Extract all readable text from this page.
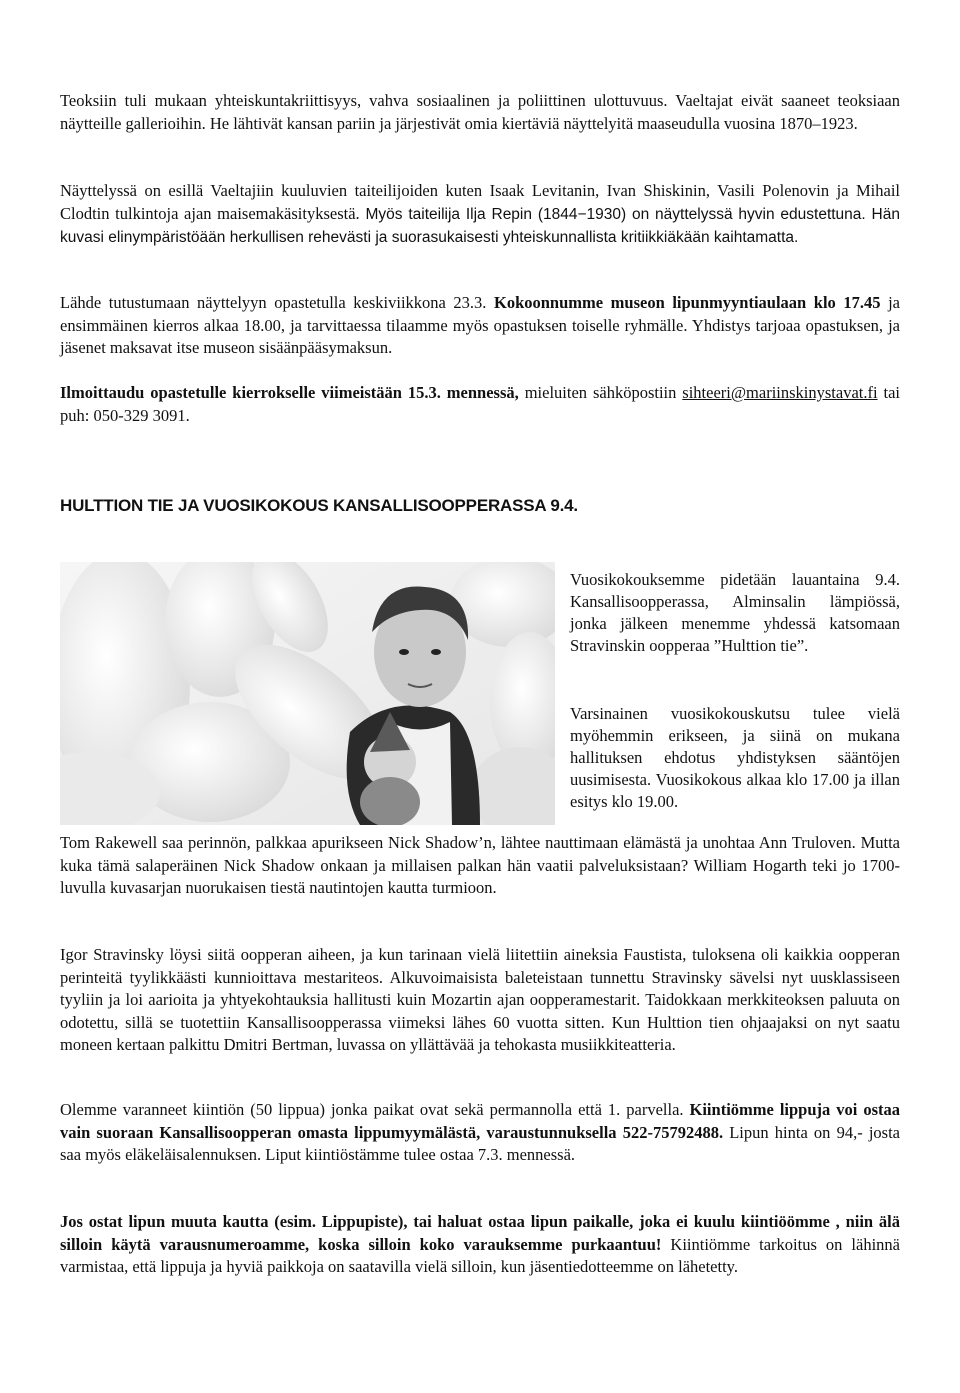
Teoksiin tuli mukaan yhteiskuntakriittisyys, vahva sosiaalinen ja poliittinen ulottuvuus. Vaeltajat eivät saaneet teoksiaan näytteille gallerioihin. He lähtivät kansan pariin ja järjestivät omia kiertäviä näyttelyitä maaseudulla vuosina 1870–1923.
Näyttelyssä on esillä Vaeltajiin kuuluvien taiteilijoiden kuten Isaak Levitanin, Ivan Shiskinin, Vasili Polenovin ja Mihail Clodtin tulkintoja ajan maisemakäsityksestä. Myös taiteilija Ilja Repin (1844−1930) on näyttelyssä hyvin edustettuna. Hän kuvasi elinympäristöään herkullisen rehevästi ja suorasukaisesti yhteiskunnallista kritiikkiäkään kaihtamatta.
Lähde tutustumaan näyttelyyn opastetulla keskiviikkona 23.3. Kokoonnumme museon lipunmyyntiaulaan klo 17.45 ja ensimmäinen kierros alkaa 18.00, ja tarvittaessa tilaamme myös opastuksen toiselle ryhmälle. Yhdistys tarjoaa opastuksen, ja jäsenet maksavat itse museon sisäänpääsymaksun.
Ilmoittaudu opastetulle kierrokselle viimeistään 15.3. mennessä, mieluiten sähköpostiin sihteeri@mariinskinystavat.fi tai puh: 050-329 3091.
HULTTION TIE JA VUOSIKOKOUS KANSALLISOOPPERASSA 9.4.
Vuosikokouksemme pidetään lauantaina 9.4. Kansallisoopperassa, Alminsalin lämpiössä, jonka jälkeen menemme yhdessä katsomaan Stravinskin oopperaa ”Hulttion tie”.
Varsinainen vuosikokouskutsu tulee vielä myöhemmin erikseen, ja siinä on mukana hallituksen ehdotus yhdistyksen sääntöjen uusimisesta. Vuosikokous alkaa klo 17.00 ja illan esitys klo 19.00.
Tom Rakewell saa perinnön, palkkaa apurikseen Nick Shadow’n, lähtee nauttimaan elämästä ja unohtaa Ann Truloven. Mutta kuka tämä salaperäinen Nick Shadow onkaan ja millaisen palkan hän vaatii palveluksistaan? William Hogarth teki jo 1700-luvulla kuvasarjan nuorukaisen tiestä nautintojen kautta turmioon.
Igor Stravinsky löysi siitä oopperan aiheen, ja kun tarinaan vielä liitettiin aineksia Faustista, tuloksena oli kaikkia oopperan perinteitä tyylikkäästi kunnioittava mestariteos. Alkuvoimaisista baleteistaan tunnettu Stravinsky sävelsi nyt uusklassiseen tyyliin ja loi aarioita ja yhtyekohtauksia hallitusti kuin Mozartin ajan oopperamestarit. Taidokkaan merkkiteoksen paluuta on odotettu, sillä se tuotettiin Kansallisoopperassa viimeksi lähes 60 vuotta sitten. Kun Hulttion tien ohjaajaksi on nyt saatu moneen kertaan palkittu Dmitri Bertman, luvassa on yllättävää ja tehokasta musiikkiteatteria.
Olemme varanneet kiintiön (50 lippua) jonka paikat ovat sekä permannolla että 1. parvella. Kiintiömme lippuja voi ostaa vain suoraan Kansallisoopperan omasta lippumyymälästä, varaustunnuksella 522-75792488. Lipun hinta on 94,- josta saa myös eläkeläisalennuksen. Liput kiintiöstämme tulee ostaa 7.3. mennessä.
Jos ostat lipun muuta kautta (esim. Lippupiste), tai haluat ostaa lipun paikalle, joka ei kuulu kiintiöömme , niin älä silloin käytä varausnumeroamme, koska silloin koko varauksemme purkaantuu! Kiintiömme tarkoitus on lähinnä varmistaa, että lippuja ja hyviä paikkoja on saatavilla vielä silloin, kun jäsentiedotteemme on lähetetty.
